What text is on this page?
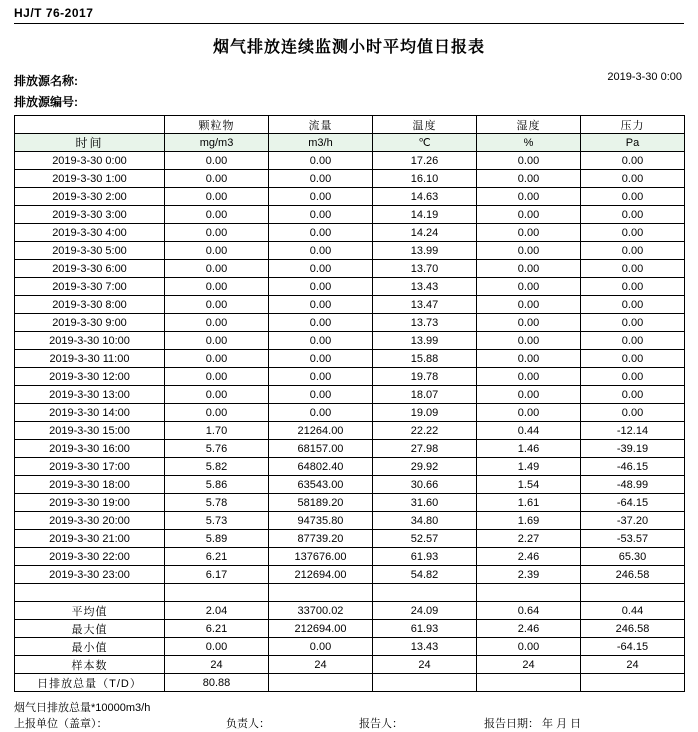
HJ/T 76-2017
烟气排放连续监测小时平均值日报表
排放源名称:
排放源编号:
2019-3-30 0:00
	颗粒物	流量	温度	湿度	压力
时间	mg/m3	m3/h	℃	%	Pa
2019-3-30 0:00	0.00	0.00	17.26	0.00	0.00
2019-3-30 1:00	0.00	0.00	16.10	0.00	0.00
2019-3-30 2:00	0.00	0.00	14.63	0.00	0.00
2019-3-30 3:00	0.00	0.00	14.19	0.00	0.00
2019-3-30 4:00	0.00	0.00	14.24	0.00	0.00
2019-3-30 5:00	0.00	0.00	13.99	0.00	0.00
2019-3-30 6:00	0.00	0.00	13.70	0.00	0.00
2019-3-30 7:00	0.00	0.00	13.43	0.00	0.00
2019-3-30 8:00	0.00	0.00	13.47	0.00	0.00
2019-3-30 9:00	0.00	0.00	13.73	0.00	0.00
2019-3-30 10:00	0.00	0.00	13.99	0.00	0.00
2019-3-30 11:00	0.00	0.00	15.88	0.00	0.00
2019-3-30 12:00	0.00	0.00	19.78	0.00	0.00
2019-3-30 13:00	0.00	0.00	18.07	0.00	0.00
2019-3-30 14:00	0.00	0.00	19.09	0.00	0.00
2019-3-30 15:00	1.70	21264.00	22.22	0.44	-12.14
2019-3-30 16:00	5.76	68157.00	27.98	1.46	-39.19
2019-3-30 17:00	5.82	64802.40	29.92	1.49	-46.15
2019-3-30 18:00	5.86	63543.00	30.66	1.54	-48.99
2019-3-30 19:00	5.78	58189.20	31.60	1.61	-64.15
2019-3-30 20:00	5.73	94735.80	34.80	1.69	-37.20
2019-3-30 21:00	5.89	87739.20	52.57	2.27	-53.57
2019-3-30 22:00	6.21	137676.00	61.93	2.46	65.30
2019-3-30 23:00	6.17	212694.00	54.82	2.39	246.58

平均值	2.04	33700.02	24.09	0.64	0.44
最大值	6.21	212694.00	61.93	2.46	246.58
最小值	0.00	0.00	13.43	0.00	-64.15
样本数	24	24	24	24	24
日排放总量（T/D）	80.88				
烟气日排放总量*10000m3/h
上报单位（盖章）：	负责人：	报告人：	报告日期： 年 月 日
